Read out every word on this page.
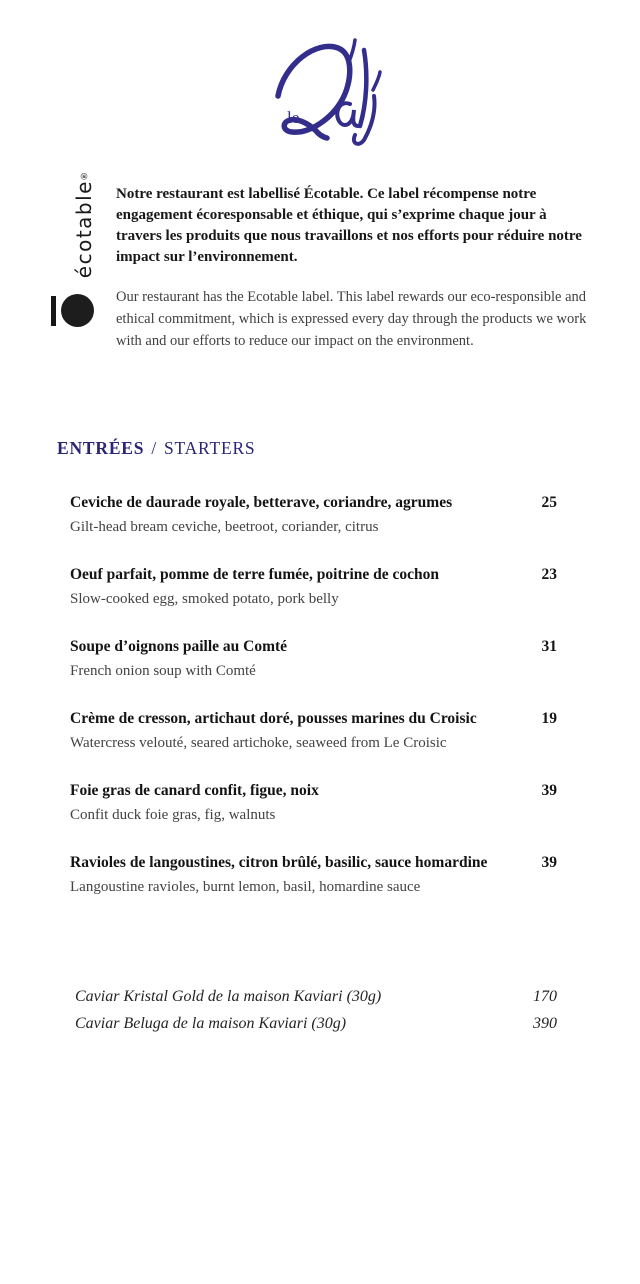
le
écotable®

Notre restaurant est labellisé Écotable. Ce label récompense notre engagement écoresponsable et éthique, qui s’exprime chaque jour à travers les produits que nous travaillons et nos efforts pour réduire notre impact sur l’environnement.

Our restaurant has the Ecotable label. This label rewards our eco-responsible and ethical commitment, which is expressed every day through the products we work with and our efforts to reduce our impact on the environment.

ENTRÉES / STARTERS
Ceviche de daurade royale, betterave, coriandre, agrumes	25
Gilt-head bream ceviche, beetroot, coriander, citrus
Oeuf parfait, pomme de terre fumée, poitrine de cochon	23
Slow-cooked egg, smoked potato, pork belly
Soupe d’oignons paille au Comté	31
French onion soup with Comté
Crème de cresson, artichaut doré, pousses marines du Croisic	19
Watercress velouté, seared artichoke, seaweed from Le Croisic
Foie gras de canard confit, figue, noix	39
Confit duck foie gras, fig, walnuts
Ravioles de langoustines, citron brûlé, basilic, sauce homardine	39
Langoustine ravioles, burnt lemon, basil, homardine sauce
Caviar Kristal Gold de la maison Kaviari (30g)	170
Caviar Beluga de la maison Kaviari (30g)	390
